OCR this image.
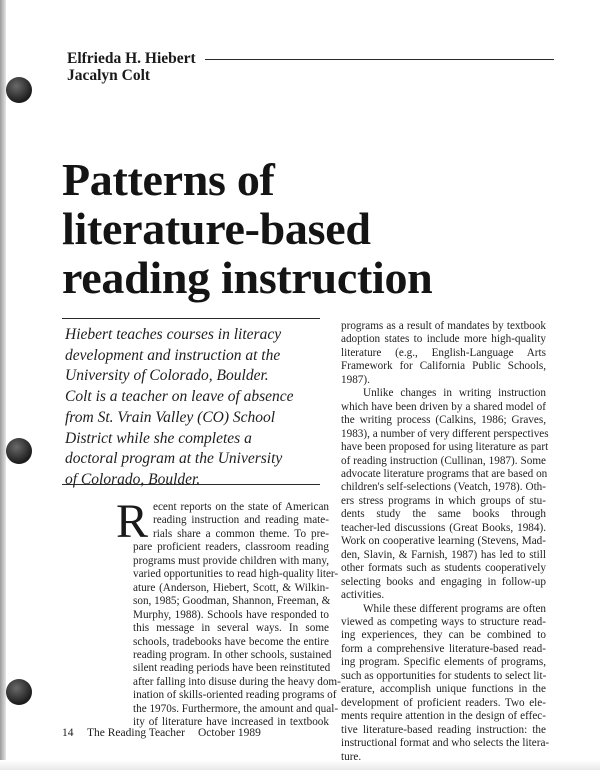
Elfrieda H. Hiebert
Jacalyn Colt
Patterns of
literature-based
reading instruction
Hiebert teaches courses in literacy
development and instruction at the
University of Colorado, Boulder.
Colt is a teacher on leave of absence
from St. Vrain Valley (CO) School
District while she completes a
doctoral program at the University
of Colorado, Boulder.
R ecent reports on the state of American
reading instruction and reading mate-
rials share a common theme. To pre-
pare proficient readers, classroom reading
programs must provide children with many,
varied opportunities to read high-quality liter-
ature (Anderson, Hiebert, Scott, & Wilkin-
son, 1985; Goodman, Shannon, Freeman, &
Murphy, 1988). Schools have responded to
this message in several ways. In some
schools, tradebooks have become the entire
reading program. In other schools, sustained
silent reading periods have been reinstituted
after falling into disuse during the heavy dom-
ination of skills-oriented reading programs of
the 1970s. Furthermore, the amount and qual-
ity of literature have increased in textbook
programs as a result of mandates by textbook
adoption states to include more high-quality
literature (e.g., English-Language Arts
Framework for California Public Schools,
1987).
Unlike changes in writing instruction
which have been driven by a shared model of
the writing process (Calkins, 1986; Graves,
1983), a number of very different perspectives
have been proposed for using literature as part
of reading instruction (Cullinan, 1987). Some
advocate literature programs that are based on
children's self-selections (Veatch, 1978). Oth-
ers stress programs in which groups of stu-
dents study the same books through
teacher-led discussions (Great Books, 1984).
Work on cooperative learning (Stevens, Mad-
den, Slavin, & Farnish, 1987) has led to still
other formats such as students cooperatively
selecting books and engaging in follow-up
activities.
While these different programs are often
viewed as competing ways to structure read-
ing experiences, they can be combined to
form a comprehensive literature-based read-
ing program. Specific elements of programs,
such as opportunities for students to select lit-
erature, accomplish unique functions in the
development of proficient readers. Two ele-
ments require attention in the design of effec-
tive literature-based reading instruction: the
instructional format and who selects the litera-
ture.
14 The Reading Teacher October 1989
